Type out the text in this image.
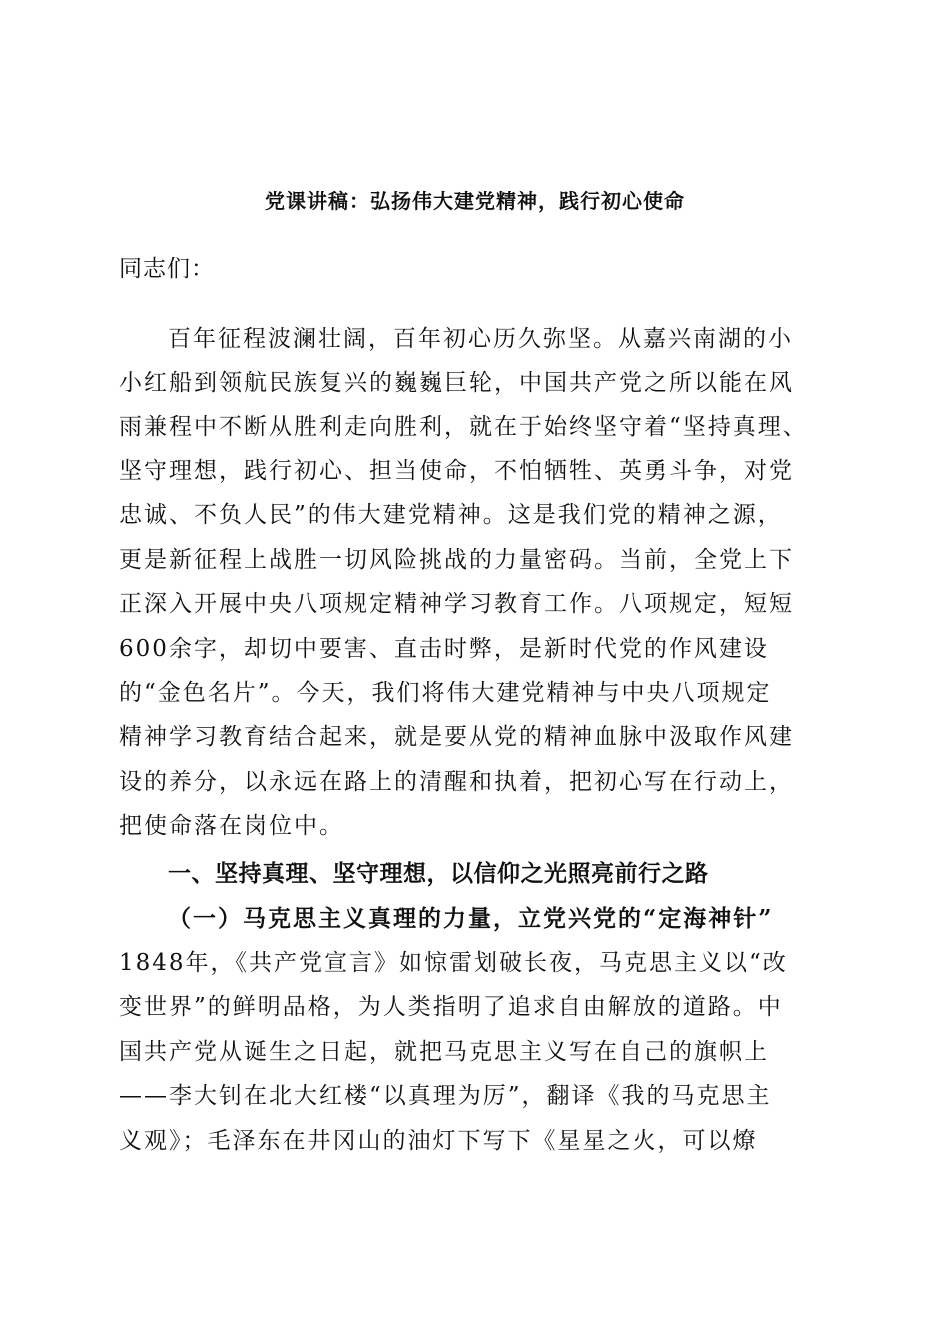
党课讲稿：弘扬伟大建党精神，践行初心使命
同志们：
百年征程波澜壮阔，百年初心历久弥坚。从嘉兴南湖的小
小红船到领航民族复兴的巍巍巨轮，中国共产党之所以能在风
雨兼程中不断从胜利走向胜利，就在于始终坚守着“坚持真理、
坚守理想，践行初心、担当使命，不怕牺牲、英勇斗争，对党
忠诚、不负人民”的伟大建党精神。这是我们党的精神之源，
更是新征程上战胜一切风险挑战的力量密码。当前，全党上下
正深入开展中央八项规定精神学习教育工作。八项规定，短短
600余字，却切中要害、直击时弊，是新时代党的作风建设
的“金色名片”。今天，我们将伟大建党精神与中央八项规定
精神学习教育结合起来，就是要从党的精神血脉中汲取作风建
设的养分，以永远在路上的清醒和执着，把初心写在行动上，
把使命落在岗位中。
一、坚持真理、坚守理想，以信仰之光照亮前行之路
（一）马克思主义真理的力量，立党兴党的“定海神针”
1848年，《共产党宣言》如惊雷划破长夜，马克思主义以“改
变世界”的鲜明品格，为人类指明了追求自由解放的道路。中
国共产党从诞生之日起，就把马克思主义写在自己的旗帜上
——李大钊在北大红楼“以真理为厉”，翻译《我的马克思主
义观》；毛泽东在井冈山的油灯下写下《星星之火，可以燎
